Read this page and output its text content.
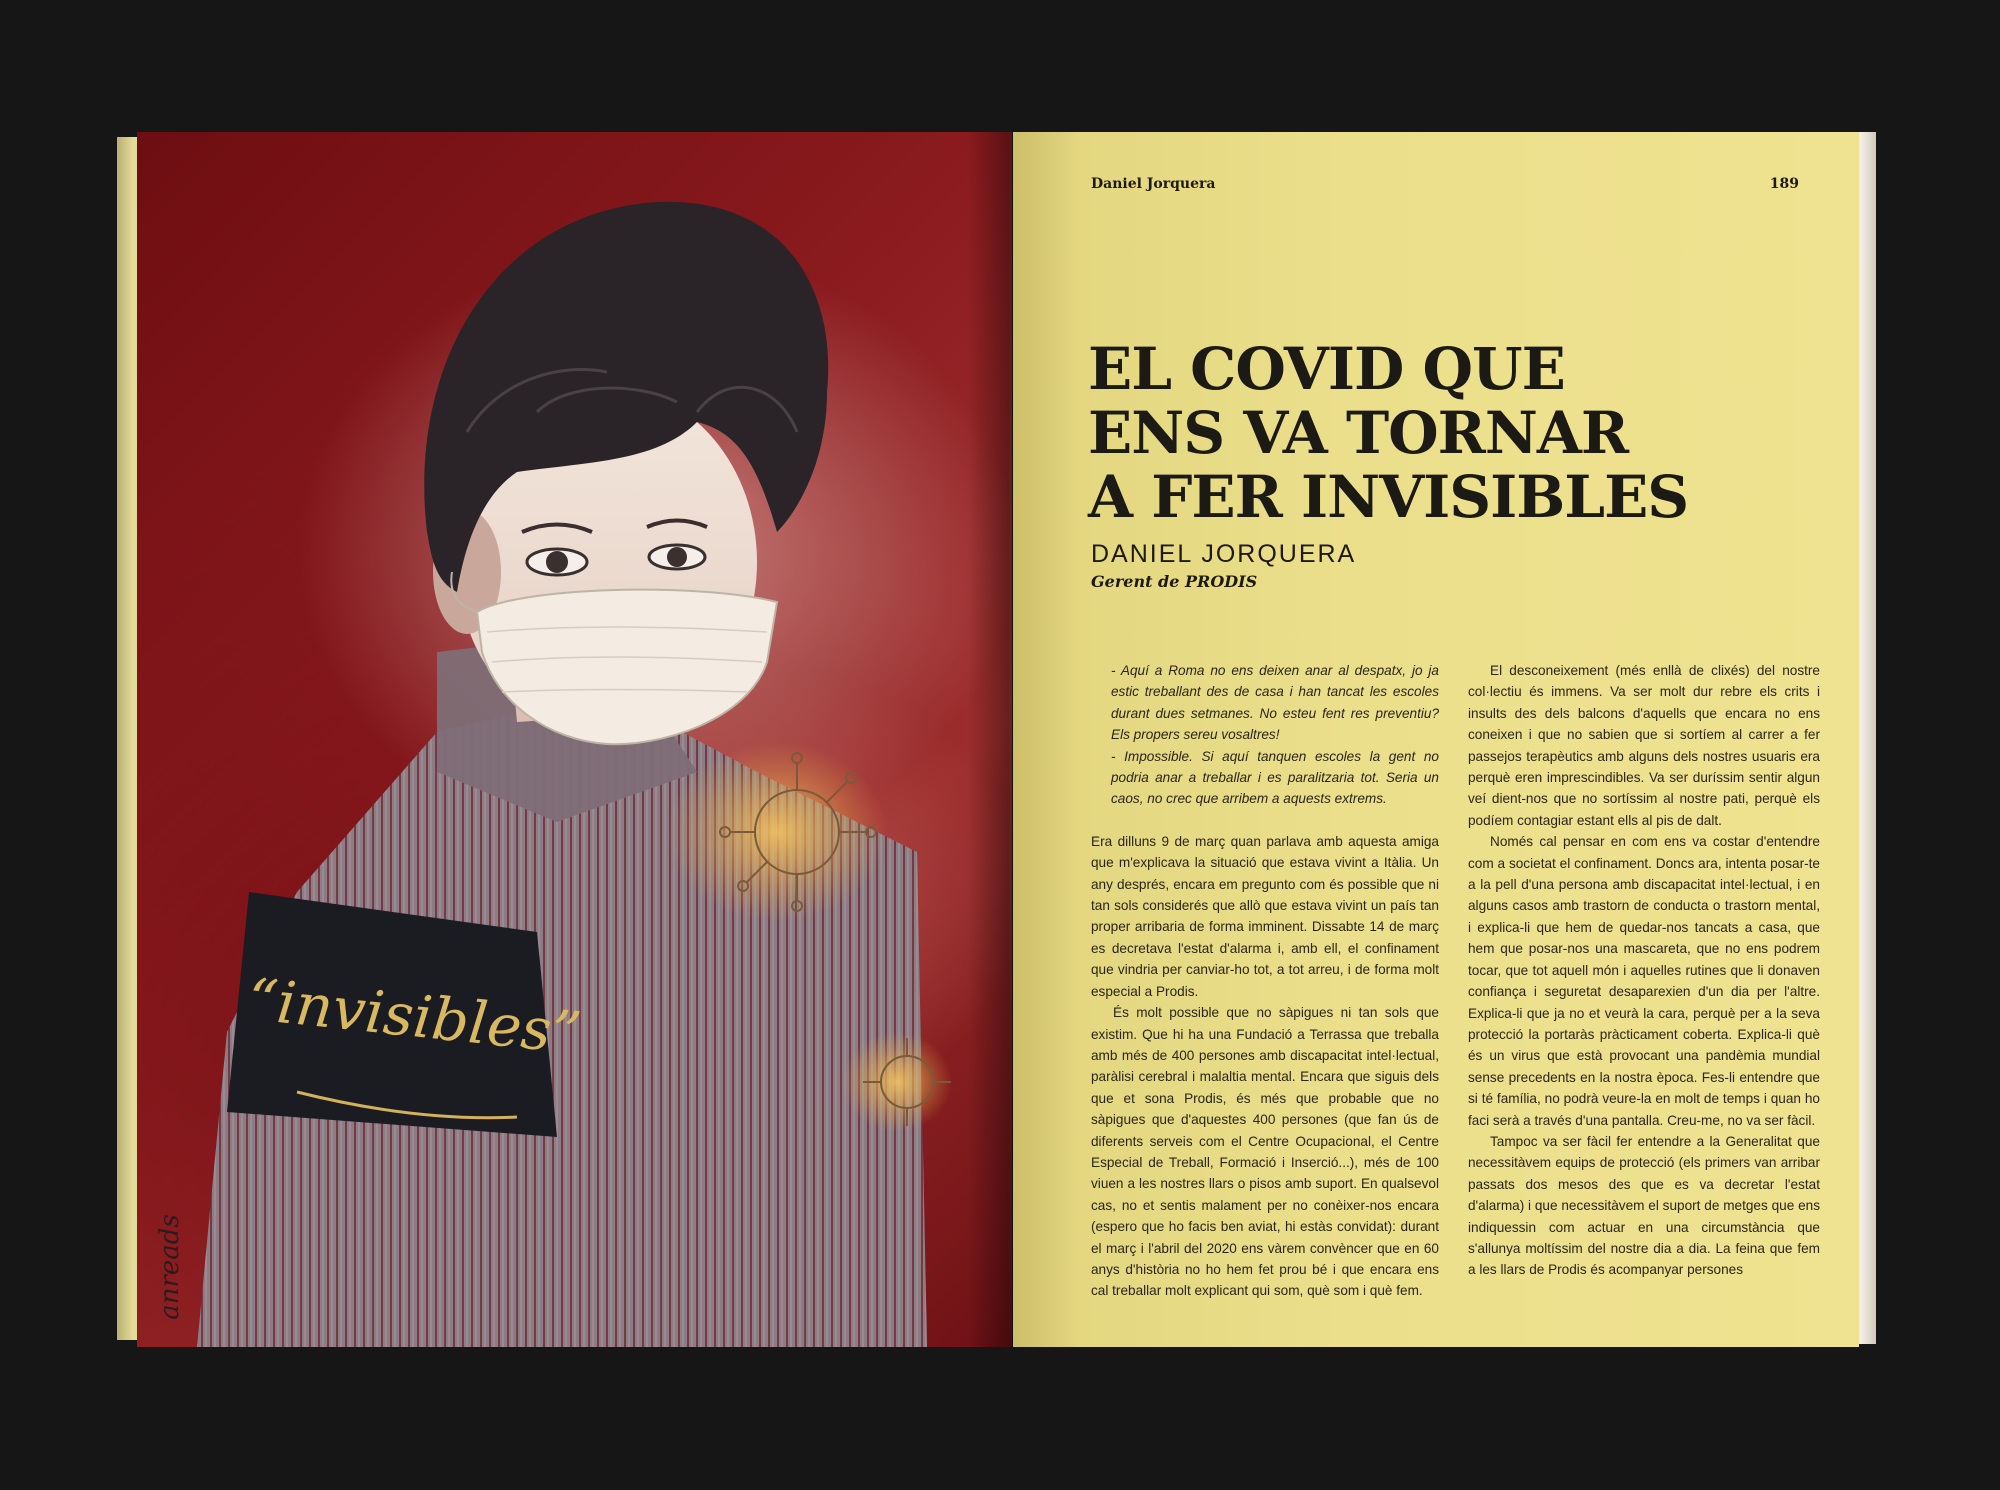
“invisibles”
anreads
Daniel Jorquera	189
EL COVID QUE
ENS VA TORNAR
A FER INVISIBLES
DANIEL JORQUERA
Gerent de PRODIS

- Aquí a Roma no ens deixen anar al despatx, jo ja estic treballant des de casa i han tancat les escoles durant dues setmanes. No esteu fent res preventiu? Els propers sereu vosaltres!

- Impossible. Si aquí tanquen escoles la gent no podria anar a treballar i es paralitzaria tot. Seria un caos, no crec que arribem a aquests extrems.

Era dilluns 9 de març quan parlava amb aquesta amiga que m'explicava la situació que estava vivint a Itàlia. Un any després, encara em pregunto com és possible que ni tan sols considerés que allò que estava vivint un país tan proper arribaria de forma imminent. Dissabte 14 de març es decretava l'estat d'alarma i, amb ell, el confinament que vindria per canviar-ho tot, a tot arreu, i de forma molt especial a Prodis.

És molt possible que no sàpigues ni tan sols que existim. Que hi ha una Fundació a Terrassa que treballa amb més de 400 persones amb discapacitat intel·lectual, paràlisi cerebral i malaltia mental. Encara que siguis dels que et sona Prodis, és més que probable que no sàpigues que d'aquestes 400 persones (que fan ús de diferents serveis com el Centre Ocupacional, el Centre Especial de Treball, Formació i Inserció...), més de 100 viuen a les nostres llars o pisos amb suport. En qualsevol cas, no et sentis malament per no conèixer-nos encara (espero que ho facis ben aviat, hi estàs convidat): durant el març i l'abril del 2020 ens vàrem convèncer que en 60 anys d'història no ho hem fet prou bé i que encara ens cal treballar molt explicant qui som, què som i què fem.

El desconeixement (més enllà de clixés) del nostre col·lectiu és immens. Va ser molt dur rebre els crits i insults des dels balcons d'aquells que encara no ens coneixen i que no sabien que si sortíem al carrer a fer passejos terapèutics amb alguns dels nostres usuaris era perquè eren imprescindibles. Va ser duríssim sentir algun veí dient-nos que no sortíssim al nostre pati, perquè els podíem contagiar estant ells al pis de dalt.

Només cal pensar en com ens va costar d'entendre com a societat el confinament. Doncs ara, intenta posar-te a la pell d'una persona amb discapacitat intel·lectual, i en alguns casos amb trastorn de conducta o trastorn mental, i explica-li que hem de quedar-nos tancats a casa, que hem que posar-nos una mascareta, que no ens podrem tocar, que tot aquell món i aquelles rutines que li donaven confiança i seguretat desaparexien d'un dia per l'altre. Explica-li que ja no et veurà la cara, perquè per a la seva protecció la portaràs pràcticament coberta. Explica-li què és un virus que està provocant una pandèmia mundial sense precedents en la nostra època. Fes-li entendre que si té família, no podrà veure-la en molt de temps i quan ho faci serà a través d'una pantalla. Creu-me, no va ser fàcil.

Tampoc va ser fàcil fer entendre a la Generalitat que necessitàvem equips de protecció (els primers van arribar passats dos mesos des que es va decretar l'estat d'alarma) i que necessitàvem el suport de metges que ens indiquessin com actuar en una circumstància que s'allunya moltíssim del nostre dia a dia. La feina que fem a les llars de Prodis és acompanyar persones
